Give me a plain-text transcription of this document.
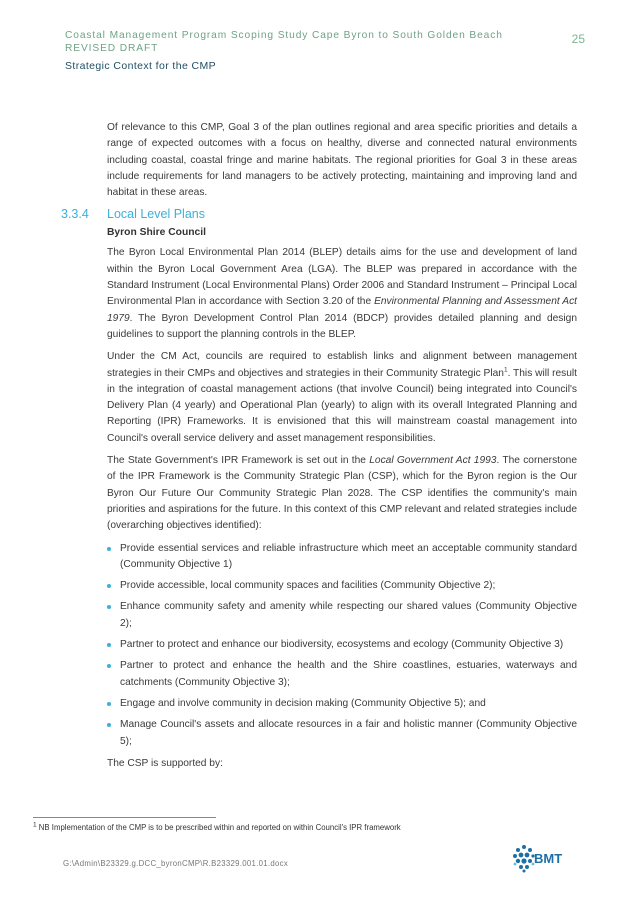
Coastal Management Program Scoping Study Cape Byron to South Golden Beach REVISED DRAFT
25
Strategic Context for the CMP

Of relevance to this CMP, Goal 3 of the plan outlines regional and area specific priorities and details a range of expected outcomes with a focus on healthy, diverse and connected natural environments including coastal, coastal fringe and marine habitats. The regional priorities for Goal 3 in these areas include requirements for land managers to be actively protecting, maintaining and improving land and habitat in these areas.

3.3.4 Local Level Plans
Byron Shire Council

The Byron Local Environmental Plan 2014 (BLEP) details aims for the use and development of land within the Byron Local Government Area (LGA). The BLEP was prepared in accordance with the Standard Instrument (Local Environmental Plans) Order 2006 and Standard Instrument – Principal Local Environmental Plan in accordance with Section 3.20 of the Environmental Planning and Assessment Act 1979. The Byron Development Control Plan 2014 (BDCP) provides detailed planning and design guidelines to support the planning controls in the BLEP.

Under the CM Act, councils are required to establish links and alignment between management strategies in their CMPs and objectives and strategies in their Community Strategic Plan$^1$. This will result in the integration of coastal management actions (that involve Council) being integrated into Council's Delivery Plan (4 yearly) and Operational Plan (yearly) to align with its overall Integrated Planning and Reporting (IPR) Frameworks. It is envisioned that this will mainstream coastal management into Council's overall service delivery and asset management responsibilities.

The State Government's IPR Framework is set out in the Local Government Act 1993. The cornerstone of the IPR Framework is the Community Strategic Plan (CSP), which for the Byron region is the Our Byron Our Future Our Community Strategic Plan 2028. The CSP identifies the community's main priorities and aspirations for the future. In this context of this CMP relevant and related strategies include (overarching objectives identified):

Provide essential services and reliable infrastructure which meet an acceptable community standard (Community Objective 1)
Provide accessible, local community spaces and facilities (Community Objective 2);
Enhance community safety and amenity while respecting our shared values (Community Objective 2);
Partner to protect and enhance our biodiversity, ecosystems and ecology (Community Objective 3)
Partner to protect and enhance the health and the Shire coastlines, estuaries, waterways and catchments (Community Objective 3);
Engage and involve community in decision making (Community Objective 5); and
Manage Council's assets and allocate resources in a fair and holistic manner (Community Objective 5);

The CSP is supported by:

$^1$ NB Implementation of the CMP is to be prescribed within and reported on within Council's IPR framework
G:\Admin\B23329.g.DCC_byronCMP\R.B23329.001.01.docx	BMT
